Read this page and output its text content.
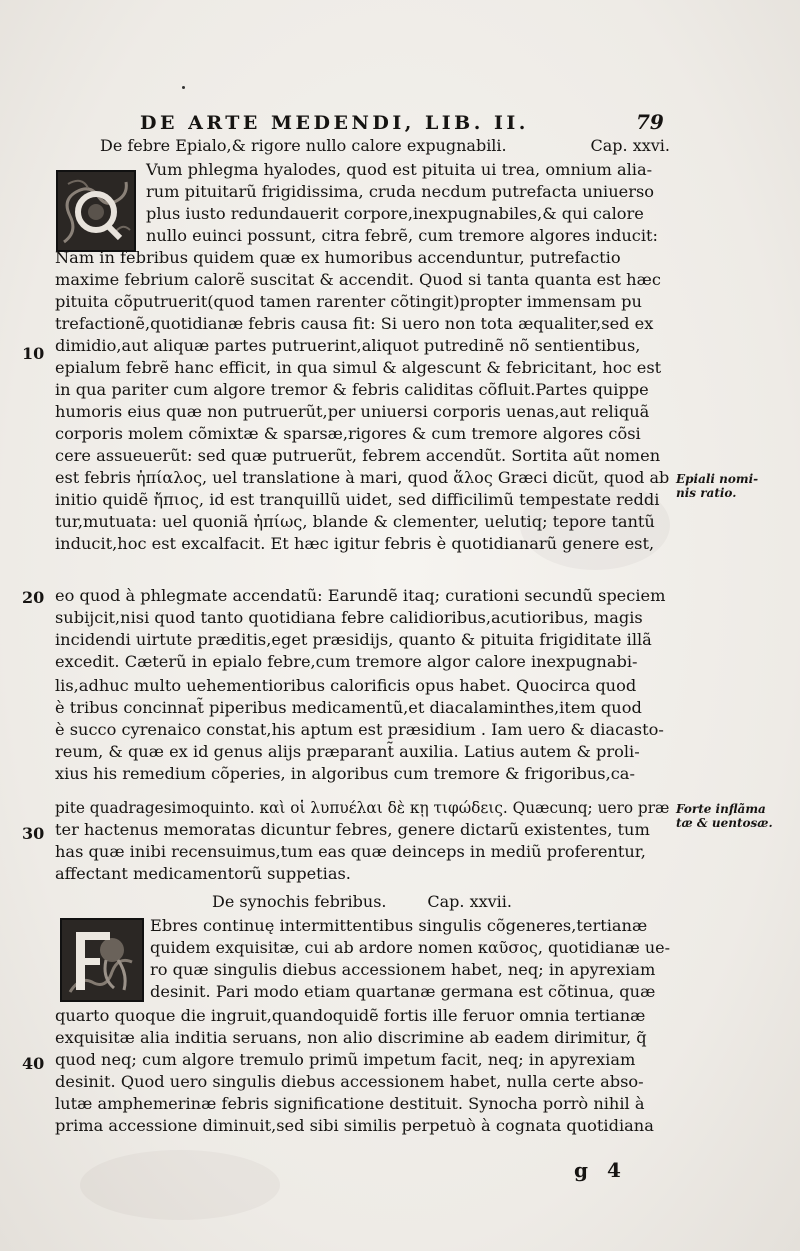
DE ARTE MEDENDI, LIB. II.	79
De febre Epialo,& rigore nullo calore expugnabili.	Cap. xxvi.
Vum phlegma hyalodes, quod est pituita ui trea, omnium alia-
rum pituitarũ frigidissima, cruda necdum putrefacta uniuerso
plus iusto redundauerit corpore,inexpugnabiles,& qui calore
nullo euinci possunt, citra febrẽ, cum tremore algores inducit:
Nam in febribus quidem quæ ex humoribus accenduntur, putrefactio
maxime febrium calorẽ suscitat & accendit. Quod si tanta quanta est hæc
pituita cõputruerit(quod tamen rarenter cõtingit)propter immensam pu
trefactionẽ,quotidianæ febris causa fit: Si uero non tota æqualiter,sed ex
10 dimidio,aut aliquæ partes putruerint,aliquot putredinẽ nõ sentientibus,
epialum febrẽ hanc efficit, in qua simul & algescunt & febricitant, hoc est
in qua pariter cum algore tremor & febris caliditas cõfluit.Partes quippe
humoris eius quæ non putruerũt,per uniuersi corporis uenas,aut reliquã
corporis molem cõmixtæ & sparsæ,rigores & cum tremore algores cõsi
cere assueuerũt: sed quæ putruerũt, febrem accendũt. Sortita aũt nomen
est febris ἠπίαλος, uel translatione à mari, quod ἅλος Græci dicũt, quod ab
initio quidẽ ἤπιος, id est tranquillũ uidet, sed difficilimũ tempestate reddi
tur,mutuata: uel quoniã ἠπίως, blande & clementer, uelutiq; tepore tantũ
inducit,hoc est excalfacit. Et hæc igitur febris è quotidianarũ genere est,
20 eo quod à phlegmate accendatũ: Earundẽ itaq; curationi secundũ speciem
subijcit,nisi quod tanto quotidiana febre calidioribus,acutioribus, magis
incidendi uirtute præditis,eget præsidijs, quanto & pituita frigiditate illã
excedit. Cæterũ in epialo febre,cum tremore algor calore inexpugnabi-
lis,adhuc multo uehementioribus calorificis opus habet. Quocirca quod
è tribus concinnat̃ piperibus medicamentũ,et diacalaminthes,item quod
è succo cyrenaico constat,his aptum est præsidium . Iam uero & diacasto-
reum, & quæ ex id genus alijs præparant̃ auxilia. Latius autem & proli-
xius his remedium cõperies, in algoribus cum tremore & frigoribus,ca-
pite quadragesimoquinto. καὶ οἱ λυπυέλαι δὲ κῃ τιφώδεις. Quæcunq; uero præ
30 ter hactenus memoratas dicuntur febres, genere dictarũ existentes, tum
has quæ inibi recensuimus,tum eas quæ deinceps in mediũ proferentur,
affectant medicamentorũ suppetias.
Epiali nomi-
nis ratio.
Forte inflãma
tæ & uentosæ.
De synochis febribus.	Cap. xxvii.
Ebres continuę intermittentibus singulis cõgeneres,tertianæ
quidem exquisitæ, cui ab ardore nomen καῦσος, quotidianæ ue-
ro quæ singulis diebus accessionem habet, neq; in apyrexiam
desinit. Pari modo etiam quartanæ germana est cõtinua, quæ
quarto quoque die ingruit,quandoquidẽ fortis ille feruor omnia tertianæ
exquisitæ alia inditia seruans, non alio discrimine ab eadem dirimitur, q̃
40 quod neq; cum algore tremulo primũ impetum facit, neq; in apyrexiam
desinit. Quod uero singulis diebus accessionem habet, nulla certe abso-
lutæ amphemerinæ febris significatione destituit. Synocha porrò nihil à
prima accessione diminuit,sed sibi similis perpetuò à cognata quotidiana
g 4
